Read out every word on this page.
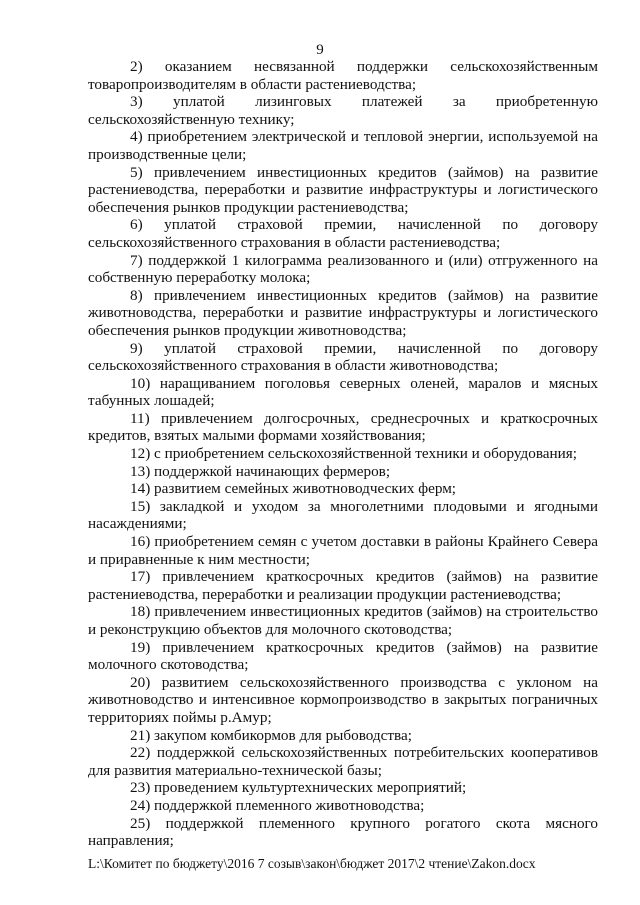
9

2) оказанием несвязанной поддержки сельскохозяйственным товаропроизводителям в области растениеводства;

3) уплатой лизинговых платежей за приобретенную сельскохозяйственную технику;

4) приобретением электрической и тепловой энергии, используемой на производственные цели;

5) привлечением инвестиционных кредитов (займов) на развитие растениеводства, переработки и развитие инфраструктуры и логистического обеспечения рынков продукции растениеводства;

6) уплатой страховой премии, начисленной по договору сельскохозяйственного страхования в области растениеводства;

7) поддержкой 1 килограмма реализованного и (или) отгруженного на собственную переработку молока;

8) привлечением инвестиционных кредитов (займов) на развитие животноводства, переработки и развитие инфраструктуры и логистического обеспечения рынков продукции животноводства;

9) уплатой страховой премии, начисленной по договору сельскохозяйственного страхования в области животноводства;

10) наращиванием поголовья северных оленей, маралов и мясных табунных лошадей;

11) привлечением долгосрочных, среднесрочных и краткосрочных кредитов, взятых малыми формами хозяйствования;

12) с приобретением сельскохозяйственной техники и оборудования;

13) поддержкой начинающих фермеров;

14) развитием семейных животноводческих ферм;

15) закладкой и уходом за многолетними плодовыми и ягодными насаждениями;

16) приобретением семян с учетом доставки в районы Крайнего Севера и приравненные к ним местности;

17) привлечением краткосрочных кредитов (займов) на развитие растениеводства, переработки и реализации продукции растениеводства;

18) привлечением инвестиционных кредитов (займов) на строительство и реконструкцию объектов для молочного скотоводства;

19) привлечением краткосрочных кредитов (займов) на развитие молочного скотоводства;

20) развитием сельскохозяйственного производства с уклоном на животноводство и интенсивное кормопроизводство в закрытых пограничных территориях поймы р.Амур;

21) закупом комбикормов для рыбоводства;

22) поддержкой сельскохозяйственных потребительских кооперативов для развития материально-технической базы;

23) проведением культуртехнических мероприятий;

24) поддержкой племенного животноводства;

25) поддержкой племенного крупного рогатого скота мясного направления;

L:\Комитет по бюджету\2016 7 созыв\закон\бюджет 2017\2 чтение\Zakon.docx
